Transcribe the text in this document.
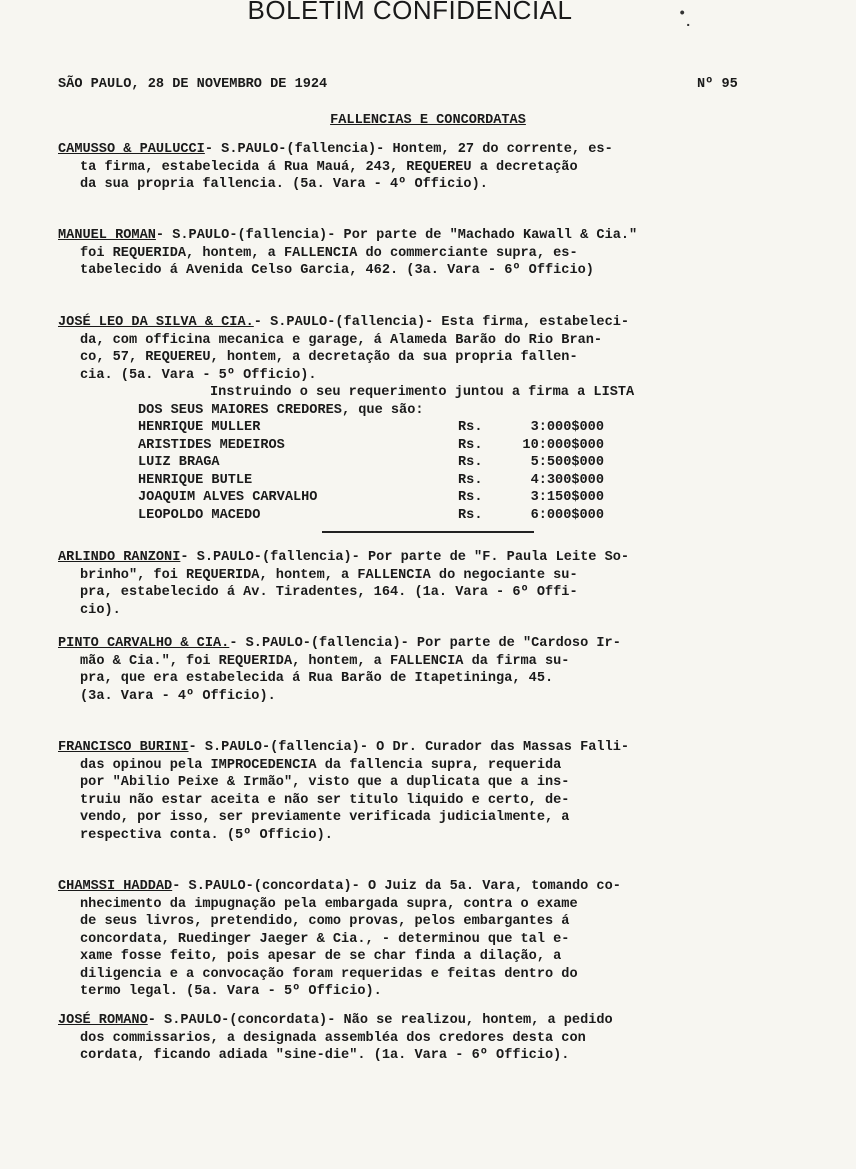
BOLETIM CONFIDENCIAL	•
·
SÃO PAULO, 28 DE NOVEMBRO DE 1924	Nº 95
FALLENCIAS E CONCORDATAS
CAMUSSO & PAULUCCI- S.PAULO-(fallencia)- Hontem, 27 do corrente, es-
ta firma, estabelecida á Rua Mauá, 243, REQUEREU a decretação
da sua propria fallencia. (5a. Vara - 4º Officio).
MANUEL ROMAN- S.PAULO-(fallencia)- Por parte de "Machado Kawall & Cia."
foi REQUERIDA, hontem, a FALLENCIA do commerciante supra, es-
tabelecido á Avenida Celso Garcia, 462. (3a. Vara - 6º Officio)
JOSÉ LEO DA SILVA & CIA.- S.PAULO-(fallencia)- Esta firma, estabeleci-
da, com officina mecanica e garage, á Alameda Barão do Rio Bran-
co, 57, REQUEREU, hontem, a decretação da sua propria fallen-
cia. (5a. Vara - 5º Officio).
Instruindo o seu requerimento juntou a firma a LISTA
DOS SEUS MAIORES CREDORES, que são:
HENRIQUE MULLER	Rs.	3:000$000
ARISTIDES MEDEIROS	Rs.	10:000$000
LUIZ BRAGA	Rs.	5:500$000
HENRIQUE BUTLE	Rs.	4:300$000
JOAQUIM ALVES CARVALHO	Rs.	3:150$000
LEOPOLDO MACEDO	Rs.	6:000$000
ARLINDO RANZONI- S.PAULO-(fallencia)- Por parte de "F. Paula Leite So-
brinho", foi REQUERIDA, hontem, a FALLENCIA do negociante su-
pra, estabelecido á Av. Tiradentes, 164. (1a. Vara - 6º Offi-
cio).
PINTO CARVALHO & CIA.- S.PAULO-(fallencia)- Por parte de "Cardoso Ir-
mão & Cia.", foi REQUERIDA, hontem, a FALLENCIA da firma su-
pra, que era estabelecida á Rua Barão de Itapetininga, 45.
(3a. Vara - 4º Officio).
FRANCISCO BURINI- S.PAULO-(fallencia)- O Dr. Curador das Massas Falli-
das opinou pela IMPROCEDENCIA da fallencia supra, requerida
por "Abilio Peixe & Irmão", visto que a duplicata que a ins-
truiu não estar aceita e não ser titulo liquido e certo, de-
vendo, por isso, ser previamente verificada judicialmente, a
respectiva conta. (5º Officio).
CHAMSSI HADDAD- S.PAULO-(concordata)- O Juiz da 5a. Vara, tomando co-
nhecimento da impugnação pela embargada supra, contra o exame
de seus livros, pretendido, como provas, pelos embargantes á
concordata, Ruedinger Jaeger & Cia., - determinou que tal e-
xame fosse feito, pois apesar de se char finda a dilação, a
diligencia e a convocação foram requeridas e feitas dentro do
termo legal. (5a. Vara - 5º Officio).
JOSÉ ROMANO- S.PAULO-(concordata)- Não se realizou, hontem, a pedido
dos commissarios, a designada assembléa dos credores desta con
cordata, ficando adiada "sine-die". (1a. Vara - 6º Officio).
